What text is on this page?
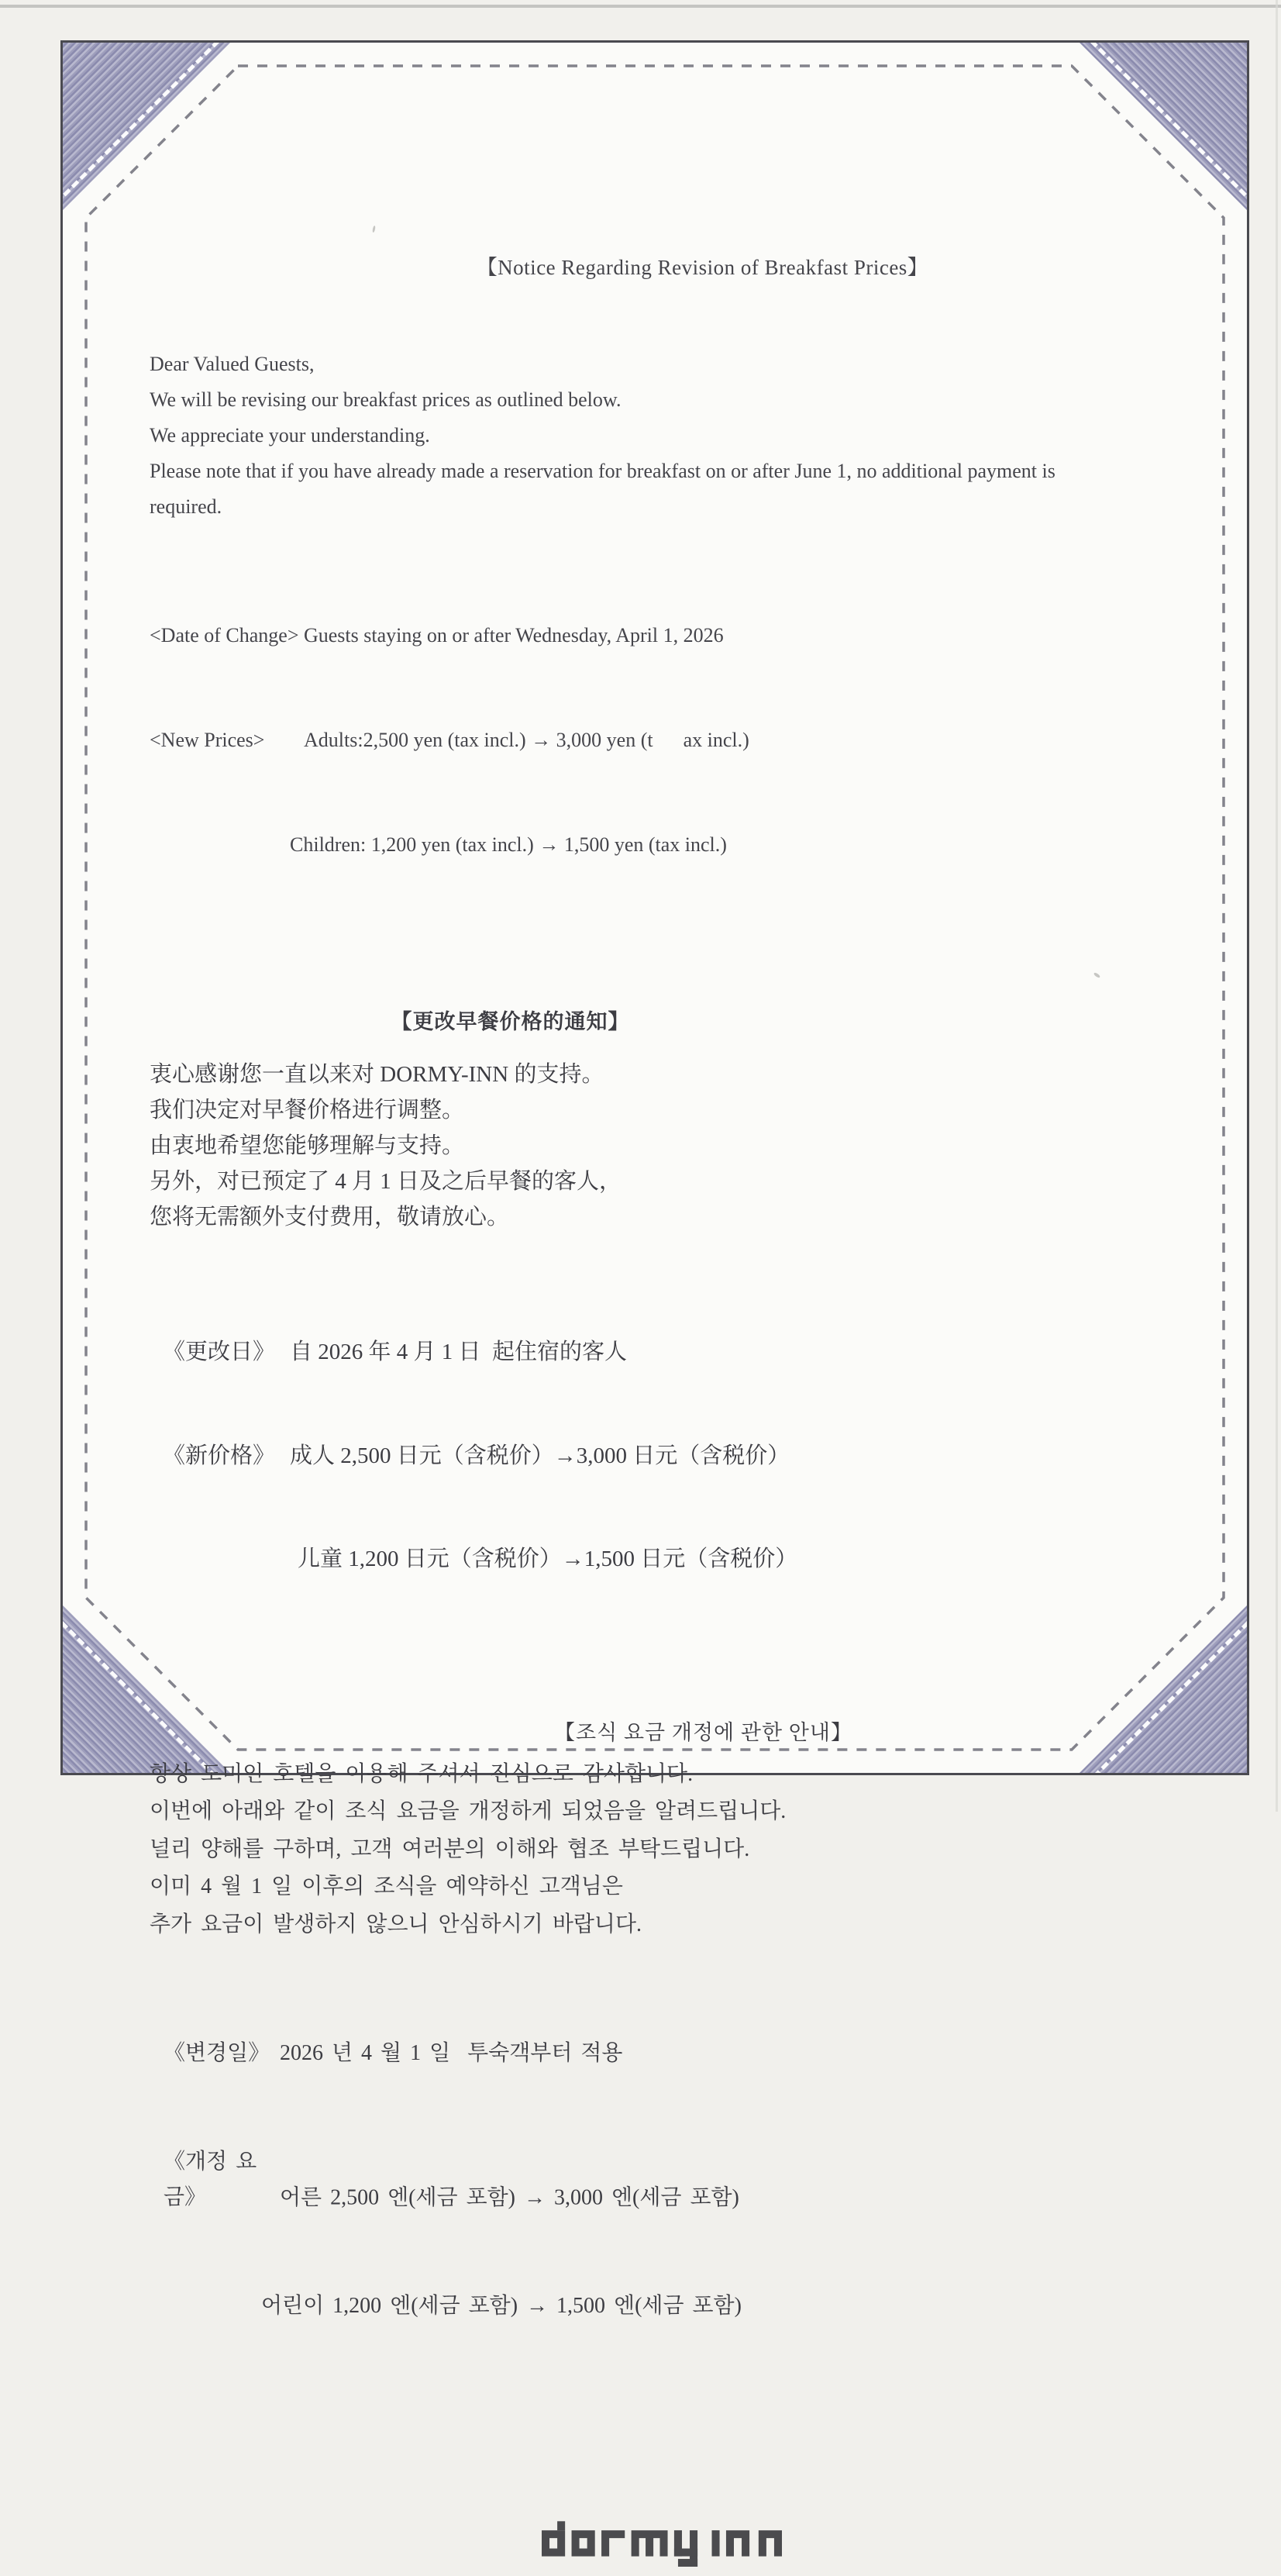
【Notice Regarding Revision of Breakfast Prices】
Dear Valued Guests,
We will be revising our breakfast prices as outlined below.
We appreciate your understanding.
Please note that if you have already made a reservation for breakfast on or after June 1, no additional payment is
required.

<Date of Change> Guests staying on or after Wednesday, April 1, 2026

<New Prices> Adults:2,500 yen (tax incl.) → 3,000 yen (t      ax incl.)

Children: 1,200 yen (tax incl.) → 1,500 yen (tax incl.)

【更改早餐价格的通知】
衷心感谢您一直以来对 DORMY-INN 的支持。
我们决定对早餐价格进行调整。
由衷地希望您能够理解与支持。
另外，对已预定了 4 月 1 日及之后早餐的客人，
您将无需额外支付费用，敬请放心。

《更改日》 自 2026 年 4 月 1 日  起住宿的客人

《新价格》 成人 2,500 日元（含税价）→3,000 日元（含税价）

儿童 1,200 日元（含税价）→1,500 日元（含税价）

【조식 요금 개정에 관한 안내】
항상 도미인 호텔을 이용해 주셔서 진심으로 감사합니다.
이번에 아래와 같이 조식 요금을 개정하게 되었음을 알려드립니다.
널리 양해를 구하며, 고객 여러분의 이해와 협조 부탁드립니다.
이미 4 월 1 일 이후의 조식을 예약하신 고객님은
추가 요금이 발생하지 않으니 안심하시기 바랍니다.

《변경일》 2026 년 4 월 1 일  투숙객부터 적용

《개정 요금》	어른 2,500 엔(세금 포함) → 3,000 엔(세금 포함)

어린이 1,200 엔(세금 포함) → 1,500 엔(세금 포함)
